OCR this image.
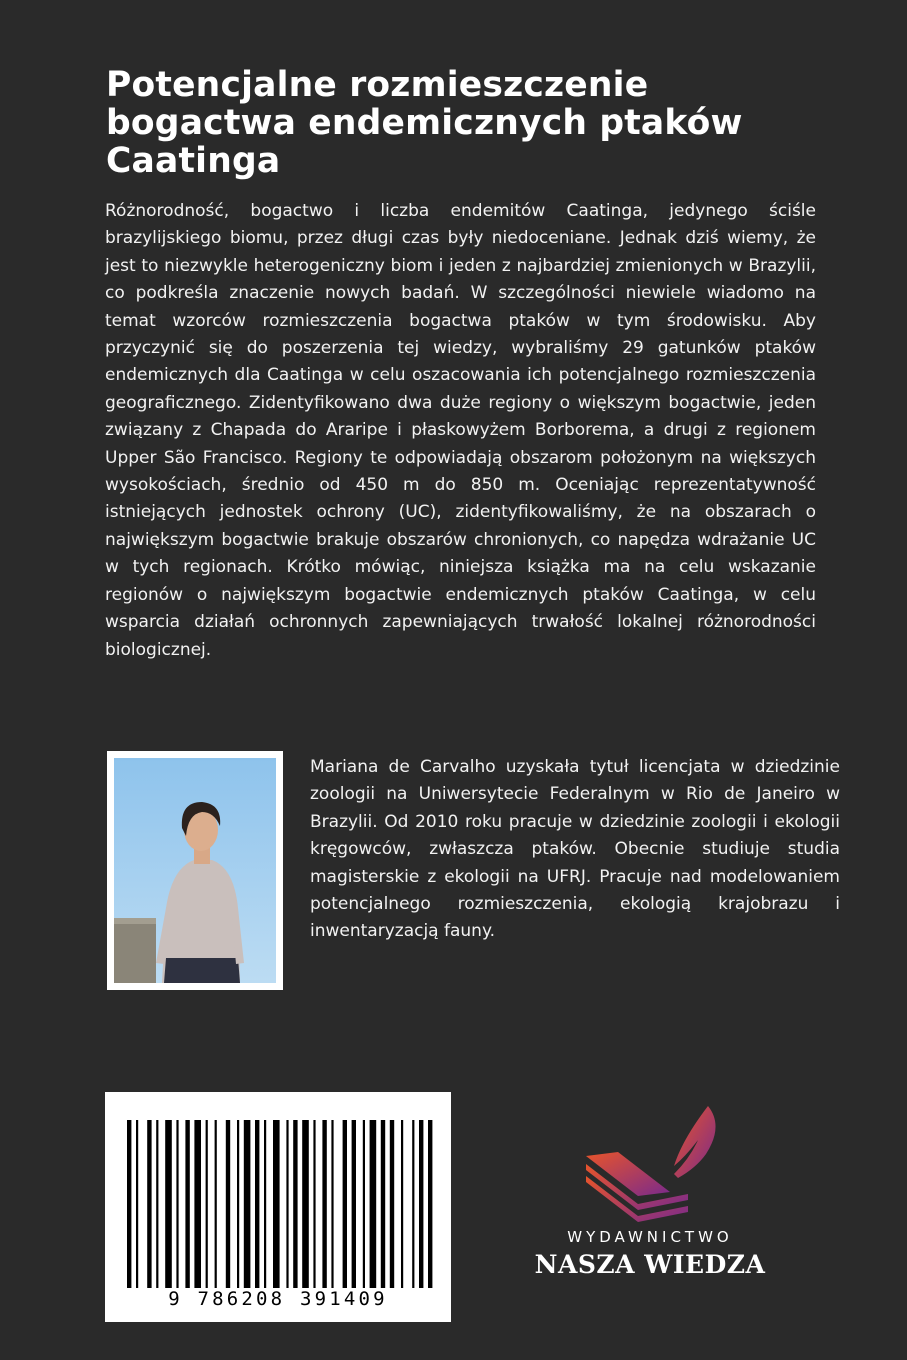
Potencjalne rozmieszczenie bogactwa endemicznych ptaków Caatinga

Różnorodność, bogactwo i liczba endemitów Caatinga, jedynego ściśle brazylijskiego biomu, przez długi czas były niedoceniane. Jednak dziś wiemy, że jest to niezwykle heterogeniczny biom i jeden z najbardziej zmienionych w Brazylii, co podkreśla znaczenie nowych badań. W szczególności niewiele wiadomo na temat wzorców rozmieszczenia bogactwa ptaków w tym środowisku. Aby przyczynić się do poszerzenia tej wiedzy, wybraliśmy 29 gatunków ptaków endemicznych dla Caatinga w celu oszacowania ich potencjalnego rozmieszczenia geograficznego. Zidentyfikowano dwa duże regiony o większym bogactwie, jeden związany z Chapada do Araripe i płaskowyżem Borborema, a drugi z regionem Upper São Francisco. Regiony te odpowiadają obszarom położonym na większych wysokościach, średnio od 450 m do 850 m. Oceniając reprezentatywność istniejących jednostek ochrony (UC), zidentyfikowaliśmy, że na obszarach o największym bogactwie brakuje obszarów chronionych, co napędza wdrażanie UC w tych regionach. Krótko mówiąc, niniejsza książka ma na celu wskazanie regionów o największym bogactwie endemicznych ptaków Caatinga, w celu wsparcia działań ochronnych zapewniających trwałość lokalnej różnorodności biologicznej.

Mariana de Carvalho uzyskała tytuł licencjata w dziedzinie zoologii na Uniwersytecie Federalnym w Rio de Janeiro w Brazylii. Od 2010 roku pracuje w dziedzinie zoologii i ekologii kręgowców, zwłaszcza ptaków. Obecnie studiuje studia magisterskie z ekologii na UFRJ. Pracuje nad modelowaniem potencjalnego rozmieszczenia, ekologią krajobrazu i inwentaryzacją fauny.

9 786208 391409
WYDAWNICTWO
NASZA WIEDZA
